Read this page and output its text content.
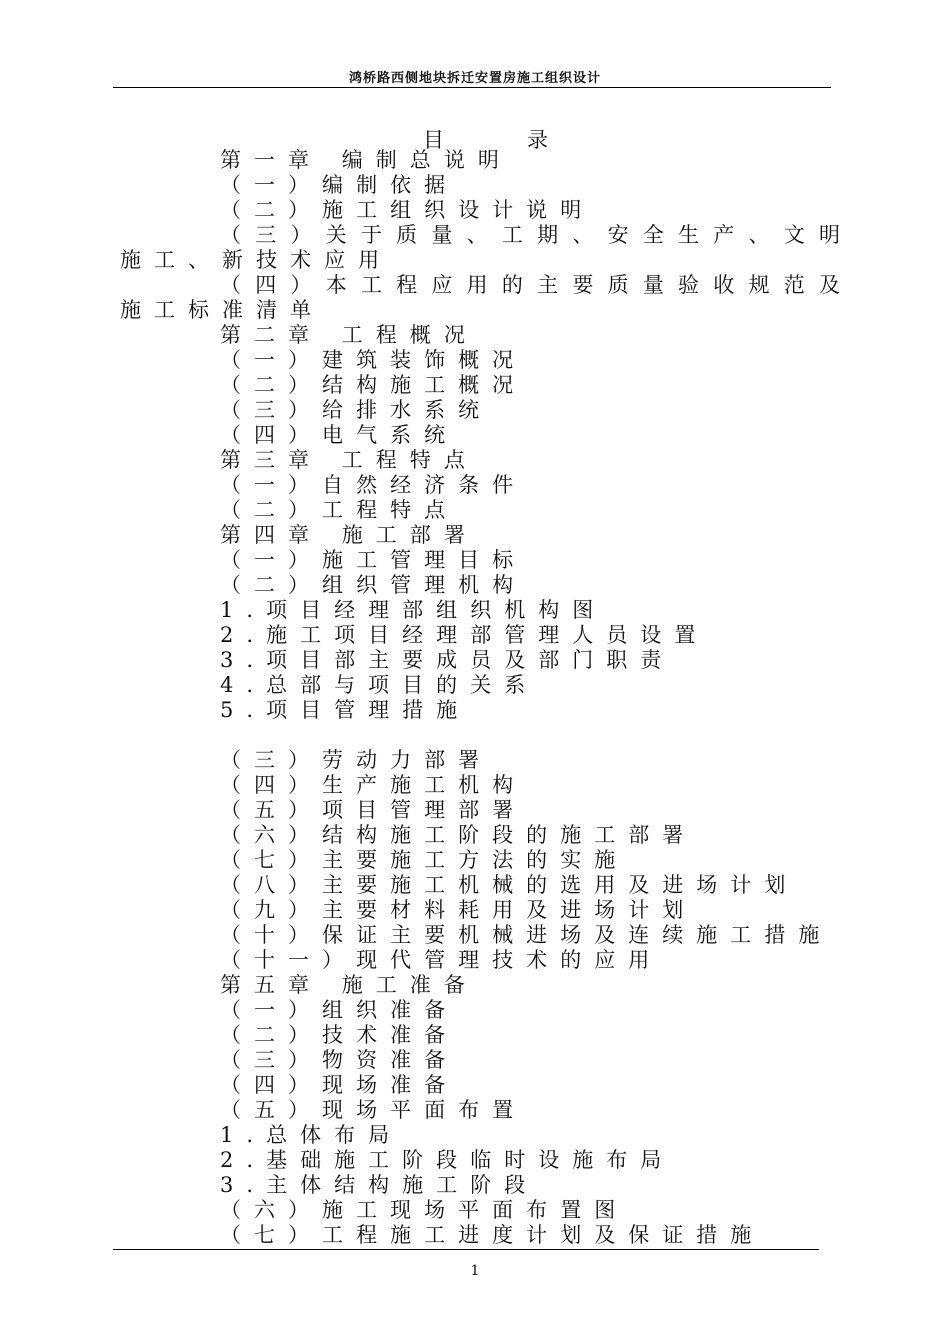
鸿桥路西侧地块拆迁安置房施工组织设计
目	录
第一章 编制总说明
（一）编制依据
（二）施工组织设计说明
（ 三 ） 关 于 质 量 、 工 期 、 安 全 生 产 、 文 明
施工、新技术应用
（ 四 ） 本 工 程 应 用 的 主 要 质 量 验 收 规 范 及
施工标准清单
第二章 工程概况
（一）建筑装饰概况
（二）结构施工概况
（三）给排水系统
（四）电气系统
第三章 工程特点
（一）自然经济条件
（二）工程特点
第四章 施工部署
（一）施工管理目标
（二）组织管理机构
1.项目经理部组织机构图
2.施工项目经理部管理人员设置
3.项目部主要成员及部门职责
4.总部与项目的关系
5.项目管理措施
（三）劳动力部署
（四）生产施工机构
（五）项目管理部署
（六）结构施工阶段的施工部署
（七）主要施工方法的实施
（八）主要施工机械的选用及进场计划
（九）主要材料耗用及进场计划
（十）保证主要机械进场及连续施工措施
（十一）现代管理技术的应用
第五章 施工准备
（一）组织准备
（二）技术准备
（三）物资准备
（四）现场准备
（五）现场平面布置
1.总体布局
2.基础施工阶段临时设施布局
3.主体结构施工阶段
（六）施工现场平面布置图
（七）工程施工进度计划及保证措施
1
